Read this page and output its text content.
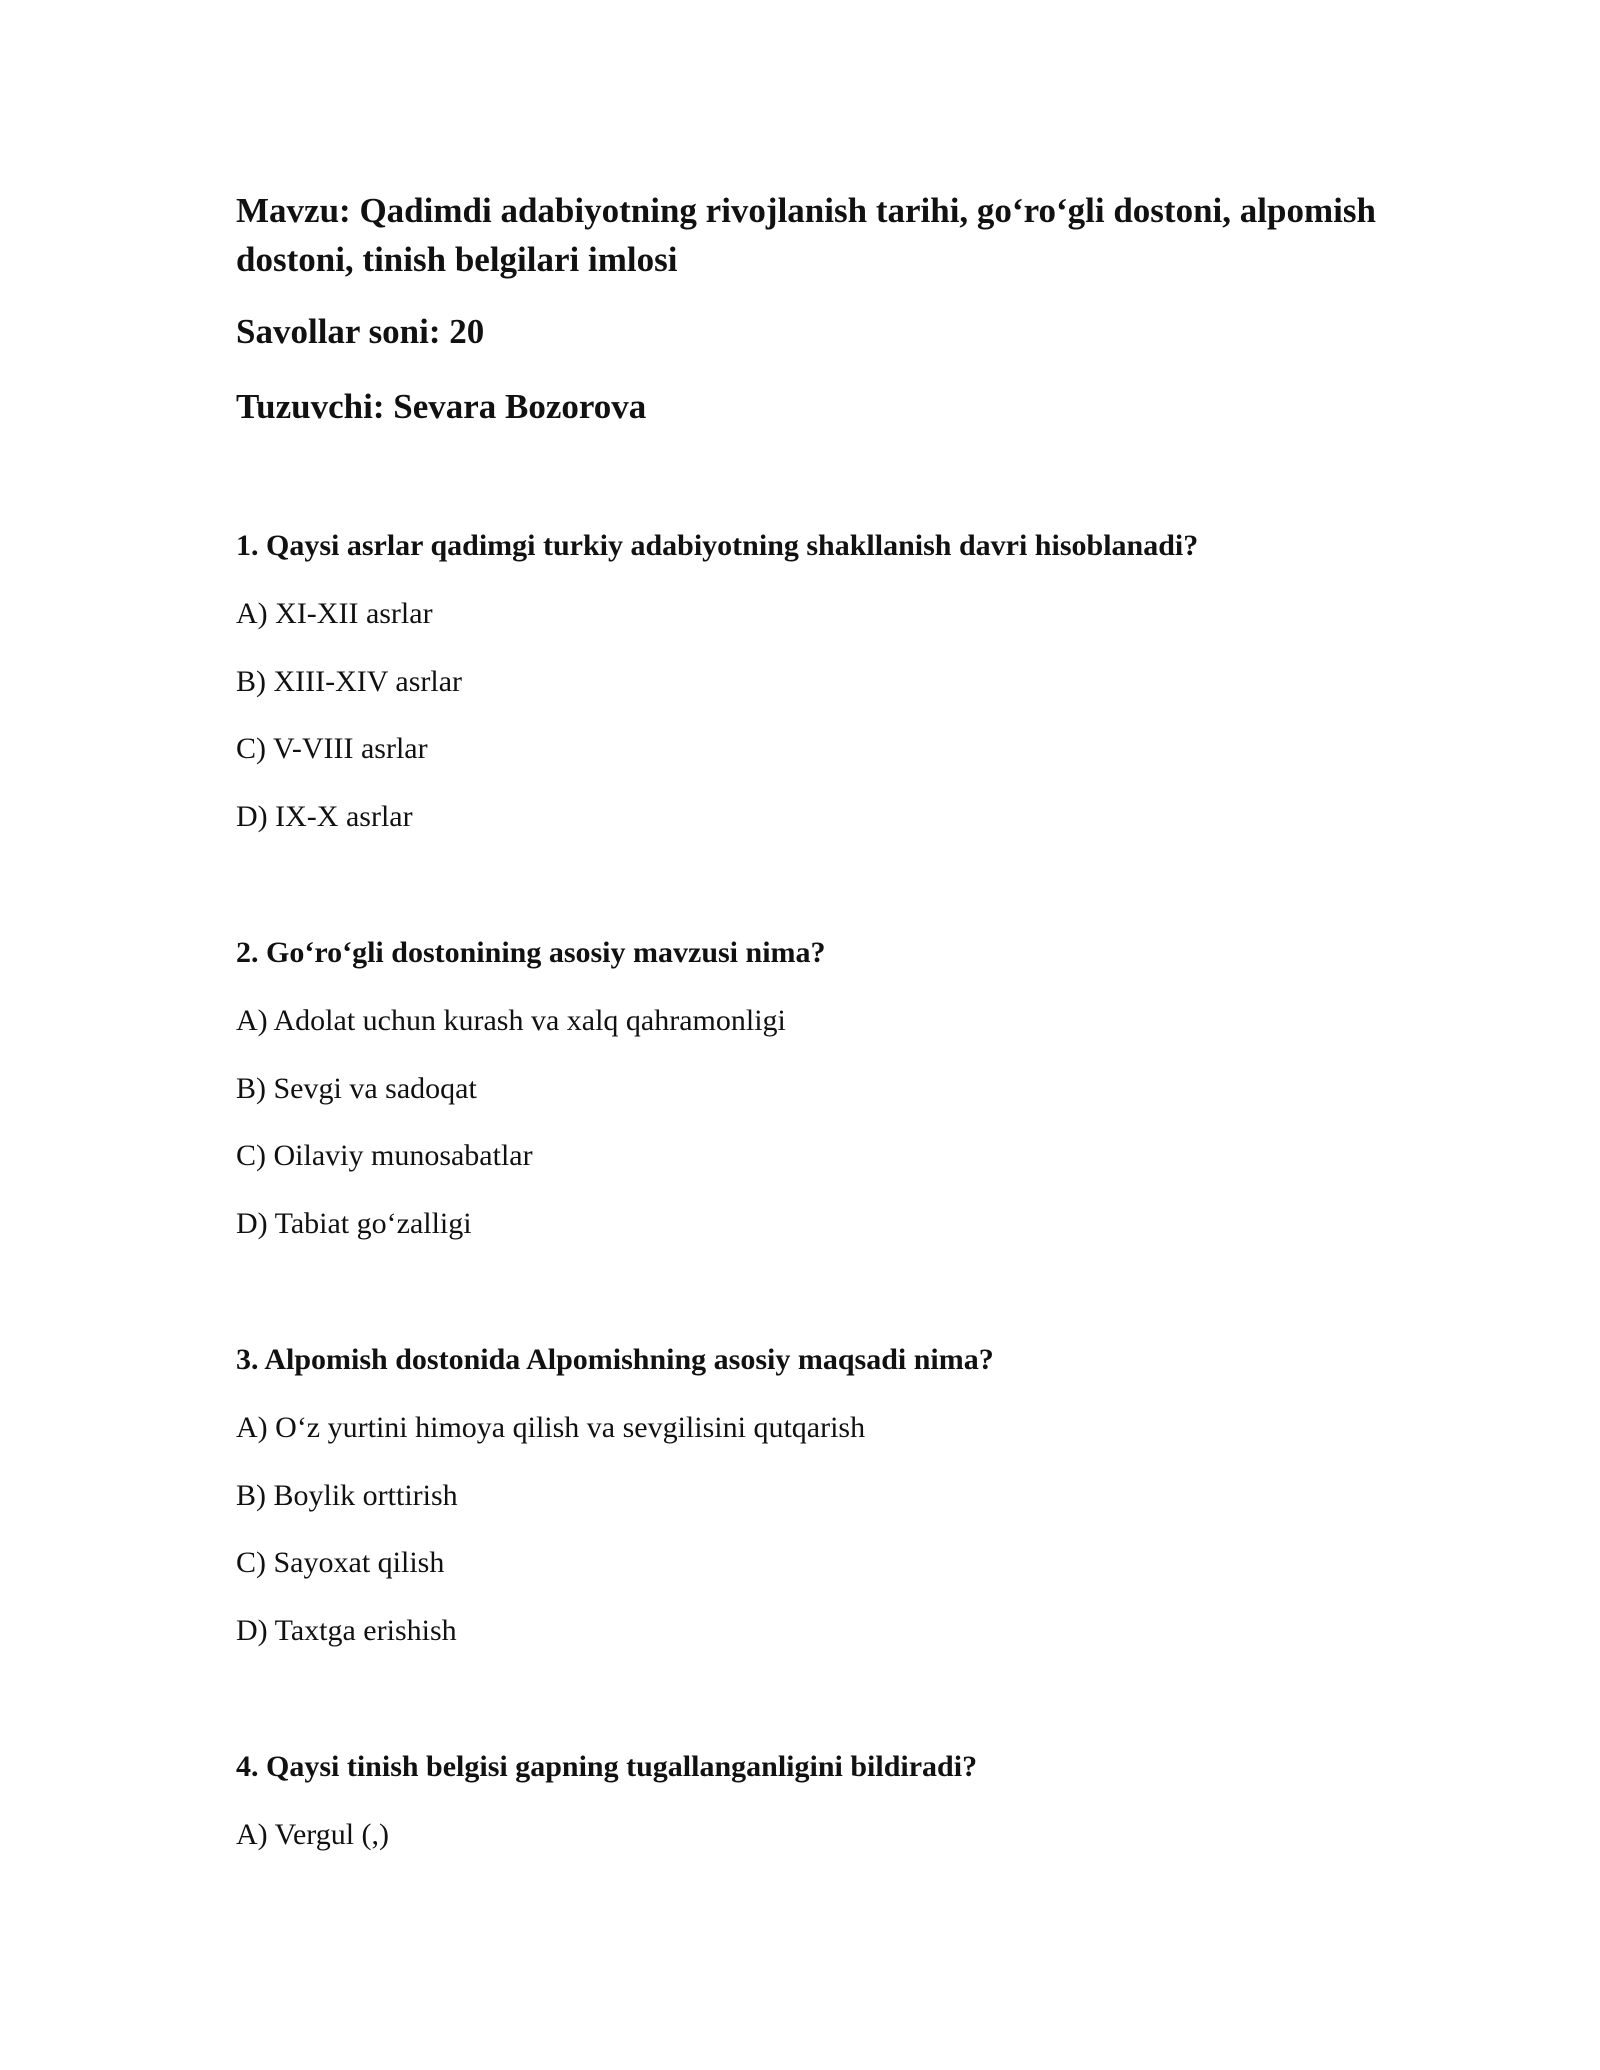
Mavzu: Qadimdi adabiyotning rivojlanish tarihi, go‘ro‘gli dostoni, alpomish dostoni, tinish belgilari imlosi

Savollar soni: 20

Tuzuvchi: Sevara Bozorova

1. Qaysi asrlar qadimgi turkiy adabiyotning shakllanish davri hisoblanadi?

A) XI-XII asrlar

B) XIII-XIV asrlar

C) V-VIII asrlar

D) IX-X asrlar

2. Go‘ro‘gli dostonining asosiy mavzusi nima?

A) Adolat uchun kurash va xalq qahramonligi

B) Sevgi va sadoqat

C) Oilaviy munosabatlar

D) Tabiat go‘zalligi

3. Alpomish dostonida Alpomishning asosiy maqsadi nima?

A) O‘z yurtini himoya qilish va sevgilisini qutqarish

B) Boylik orttirish

C) Sayoxat qilish

D) Taxtga erishish

4. Qaysi tinish belgisi gapning tugallanganligini bildiradi?

A) Vergul (,)
